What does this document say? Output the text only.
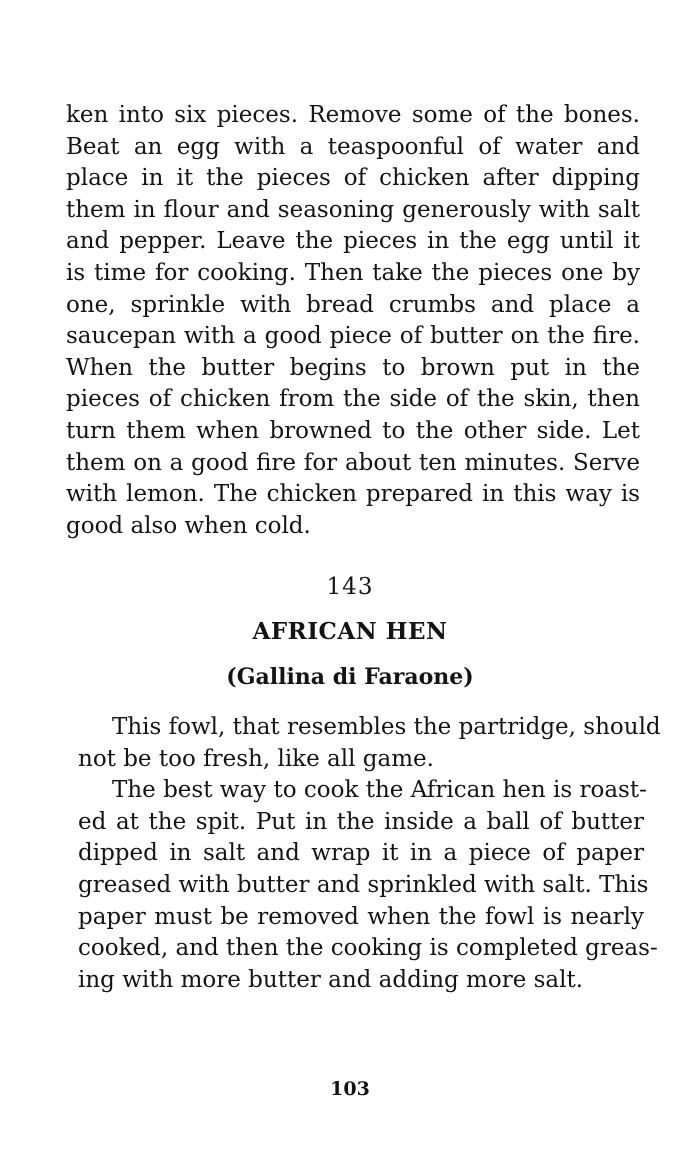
ken into six pieces. Remove some of the bones.
Beat an egg with a teaspoonful of water and
place in it the pieces of chicken after dipping
them in flour and seasoning generously with salt
and pepper. Leave the pieces in the egg until it
is time for cooking. Then take the pieces one by
one, sprinkle with bread crumbs and place a
saucepan with a good piece of butter on the fire.
When the butter begins to brown put in the
pieces of chicken from the side of the skin, then
turn them when browned to the other side. Let
them on a good fire for about ten minutes. Serve
with lemon. The chicken prepared in this way is
good also when cold.
143
AFRICAN HEN
(Gallina di Faraone)
This fowl, that resembles the partridge, should
not be too fresh, like all game.
The best way to cook the African hen is roast-
ed at the spit. Put in the inside a ball of butter
dipped in salt and wrap it in a piece of paper
greased with butter and sprinkled with salt. This
paper must be removed when the fowl is nearly
cooked, and then the cooking is completed greas-
ing with more butter and adding more salt.
103
